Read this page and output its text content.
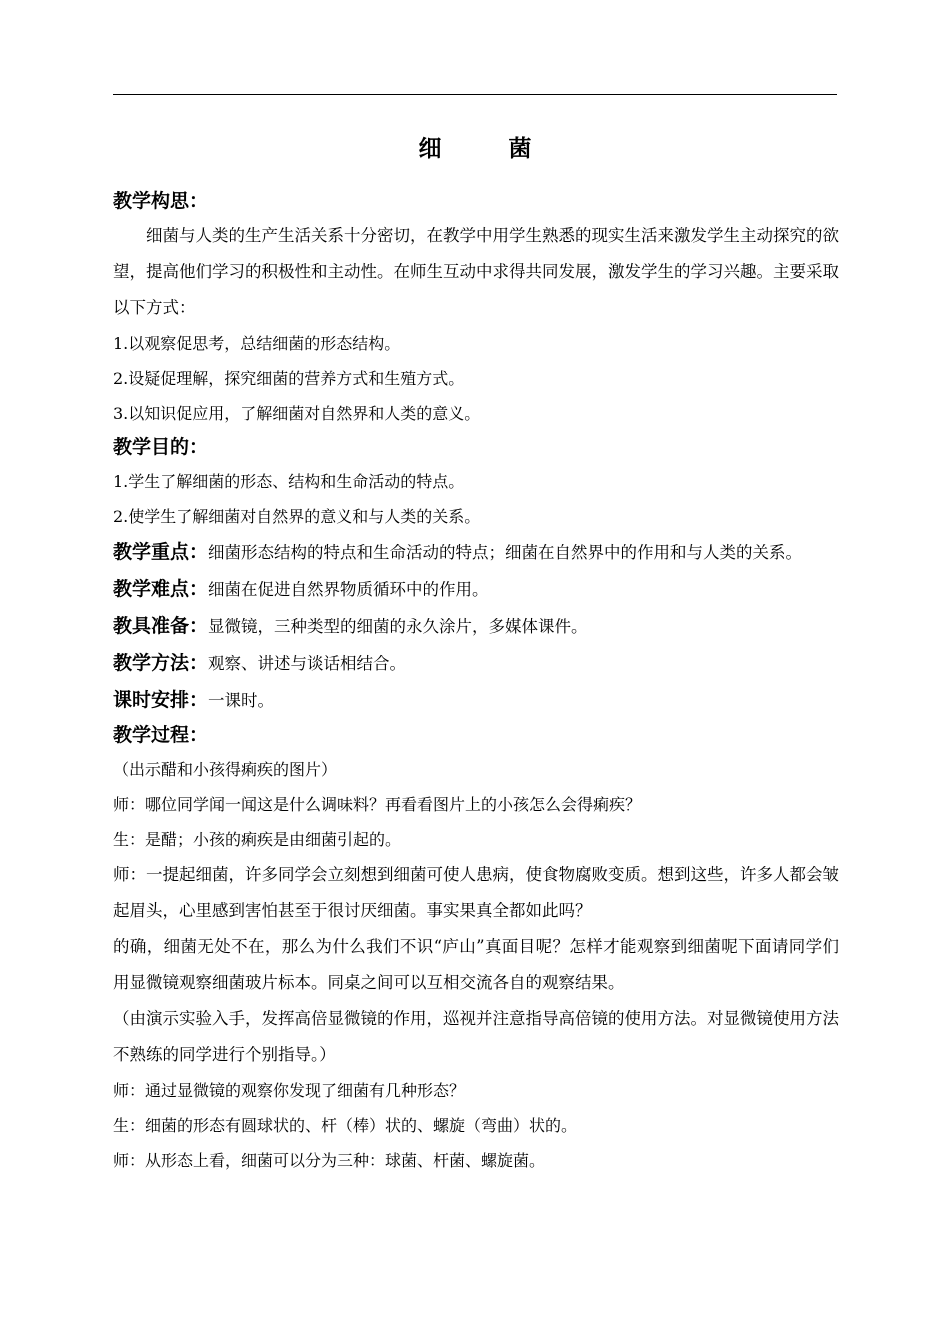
细　菌
教学构思：
细菌与人类的生产生活关系十分密切，在教学中用学生熟悉的现实生活来激发学生主动探究的欲望，提高他们学习的积极性和主动性。在师生互动中求得共同发展，激发学生的学习兴趣。主要采取以下方式：
1.以观察促思考，总结细菌的形态结构。
2.设疑促理解，探究细菌的营养方式和生殖方式。
3.以知识促应用，了解细菌对自然界和人类的意义。
教学目的：
1.学生了解细菌的形态、结构和生命活动的特点。
2.使学生了解细菌对自然界的意义和与人类的关系。
教学重点：细菌形态结构的特点和生命活动的特点；细菌在自然界中的作用和与人类的关系。
教学难点：细菌在促进自然界物质循环中的作用。
教具准备：显微镜，三种类型的细菌的永久涂片，多媒体课件。
教学方法：观察、讲述与谈话相结合。
课时安排：一课时。
教学过程：
（出示醋和小孩得痢疾的图片）
师：哪位同学闻一闻这是什么调味料？再看看图片上的小孩怎么会得痢疾？
生：是醋；小孩的痢疾是由细菌引起的。
师：一提起细菌，许多同学会立刻想到细菌可使人患病，使食物腐败变质。想到这些，许多人都会皱起眉头，心里感到害怕甚至于很讨厌细菌。事实果真全都如此吗？
的确，细菌无处不在，那么为什么我们不识“庐山”真面目呢？怎样才能观察到细菌呢下面请同学们用显微镜观察细菌玻片标本。同桌之间可以互相交流各自的观察结果。
（由演示实验入手，发挥高倍显微镜的作用，巡视并注意指导高倍镜的使用方法。对显微镜使用方法不熟练的同学进行个别指导。）
师：通过显微镜的观察你发现了细菌有几种形态？
生：细菌的形态有圆球状的、杆（棒）状的、螺旋（弯曲）状的。
师：从形态上看，细菌可以分为三种：球菌、杆菌、螺旋菌。
